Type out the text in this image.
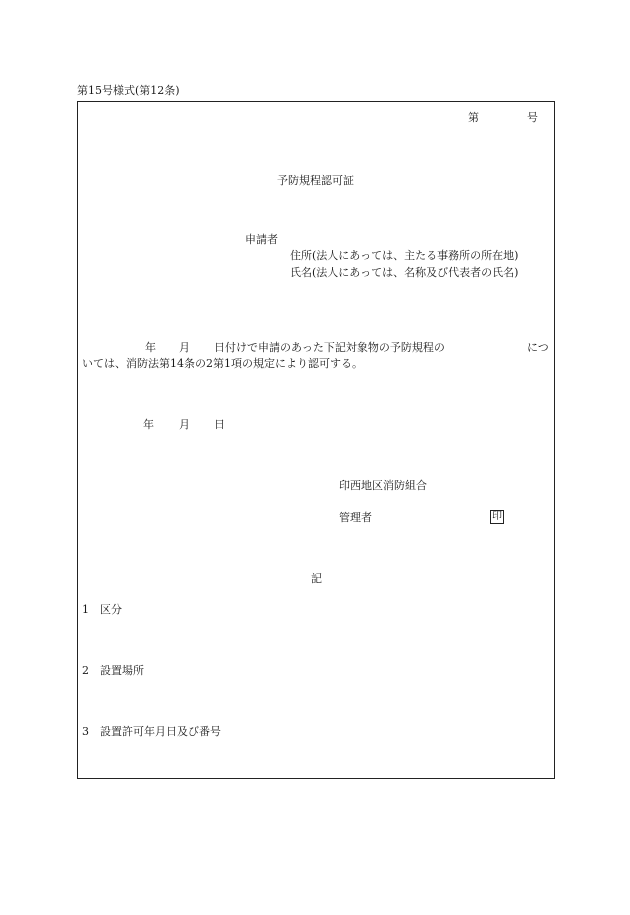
第15号様式(第12条)
第	号
予防規程認可証
申請者
住所(法人にあっては、主たる事務所の所在地)
氏名(法人にあっては、名称及び代表者の氏名)
年 月 日付けで申請のあった下記対象物の予防規程の	につ
いては、消防法第14条の2第1項の規定により認可する。
年 月 日
印西地区消防組合
管理者	印
記
1 区分
2 設置場所
3 設置許可年月日及び番号
